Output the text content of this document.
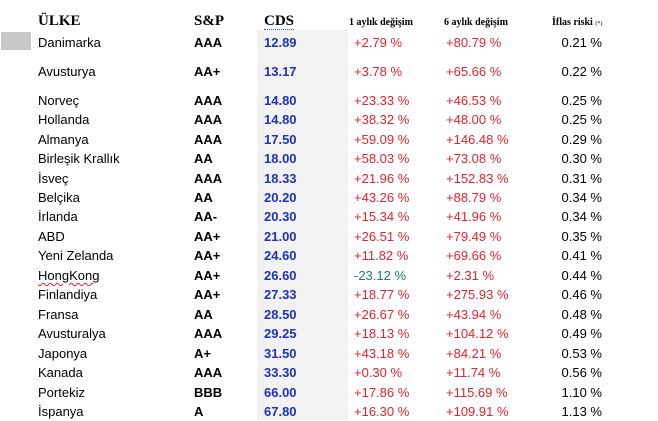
ÜLKE	S&P	CDS	1 aylık değişim	6 aylık değişim	İflas riski (*)
Danimarka	AAA	12.89	+2.79 %	+80.79 %	0.21 %
Avusturya	AA+	13.17	+3.78 %	+65.66 %	0.22 %
Norveç	AAA	14.80	+23.33 %	+46.53 %	0.25 %
Hollanda	AAA	14.80	+38.32 %	+48.00 %	0.25 %
Almanya	AAA	17.50	+59.09 %	+146.48 %	0.29 %
Birleşik Krallık	AA	18.00	+58.03 %	+73.08 %	0.30 %
İsveç	AAA	18.33	+21.96 %	+152.83 %	0.31 %
Belçika	AA	20.20	+43.26 %	+88.79 %	0.34 %
İrlanda	AA-	20.30	+15.34 %	+41.96 %	0.34 %
ABD	AA+	21.00	+26.51 %	+79.49 %	0.35 %
Yeni Zelanda	AA+	24.60	+11.82 %	+69.66 %	0.41 %
HongKong	AA+	26.60	-23.12 %	+2.31 %	0.44 %
Finlandiya	AA+	27.33	+18.77 %	+275.93 %	0.46 %
Fransa	AA	28.50	+26.67 %	+43.94 %	0.48 %
Avusturalya	AAA	29.25	+18.13 %	+104.12 %	0.49 %
Japonya	A+	31.50	+43.18 %	+84.21 %	0.53 %
Kanada	AAA	33.30	+0.30 %	+11.74 %	0.56 %
Portekiz	BBB	66.00	+17.86 %	+115.69 %	1.10 %
İspanya	A	67.80	+16.30 %	+109.91 %	1.13 %
